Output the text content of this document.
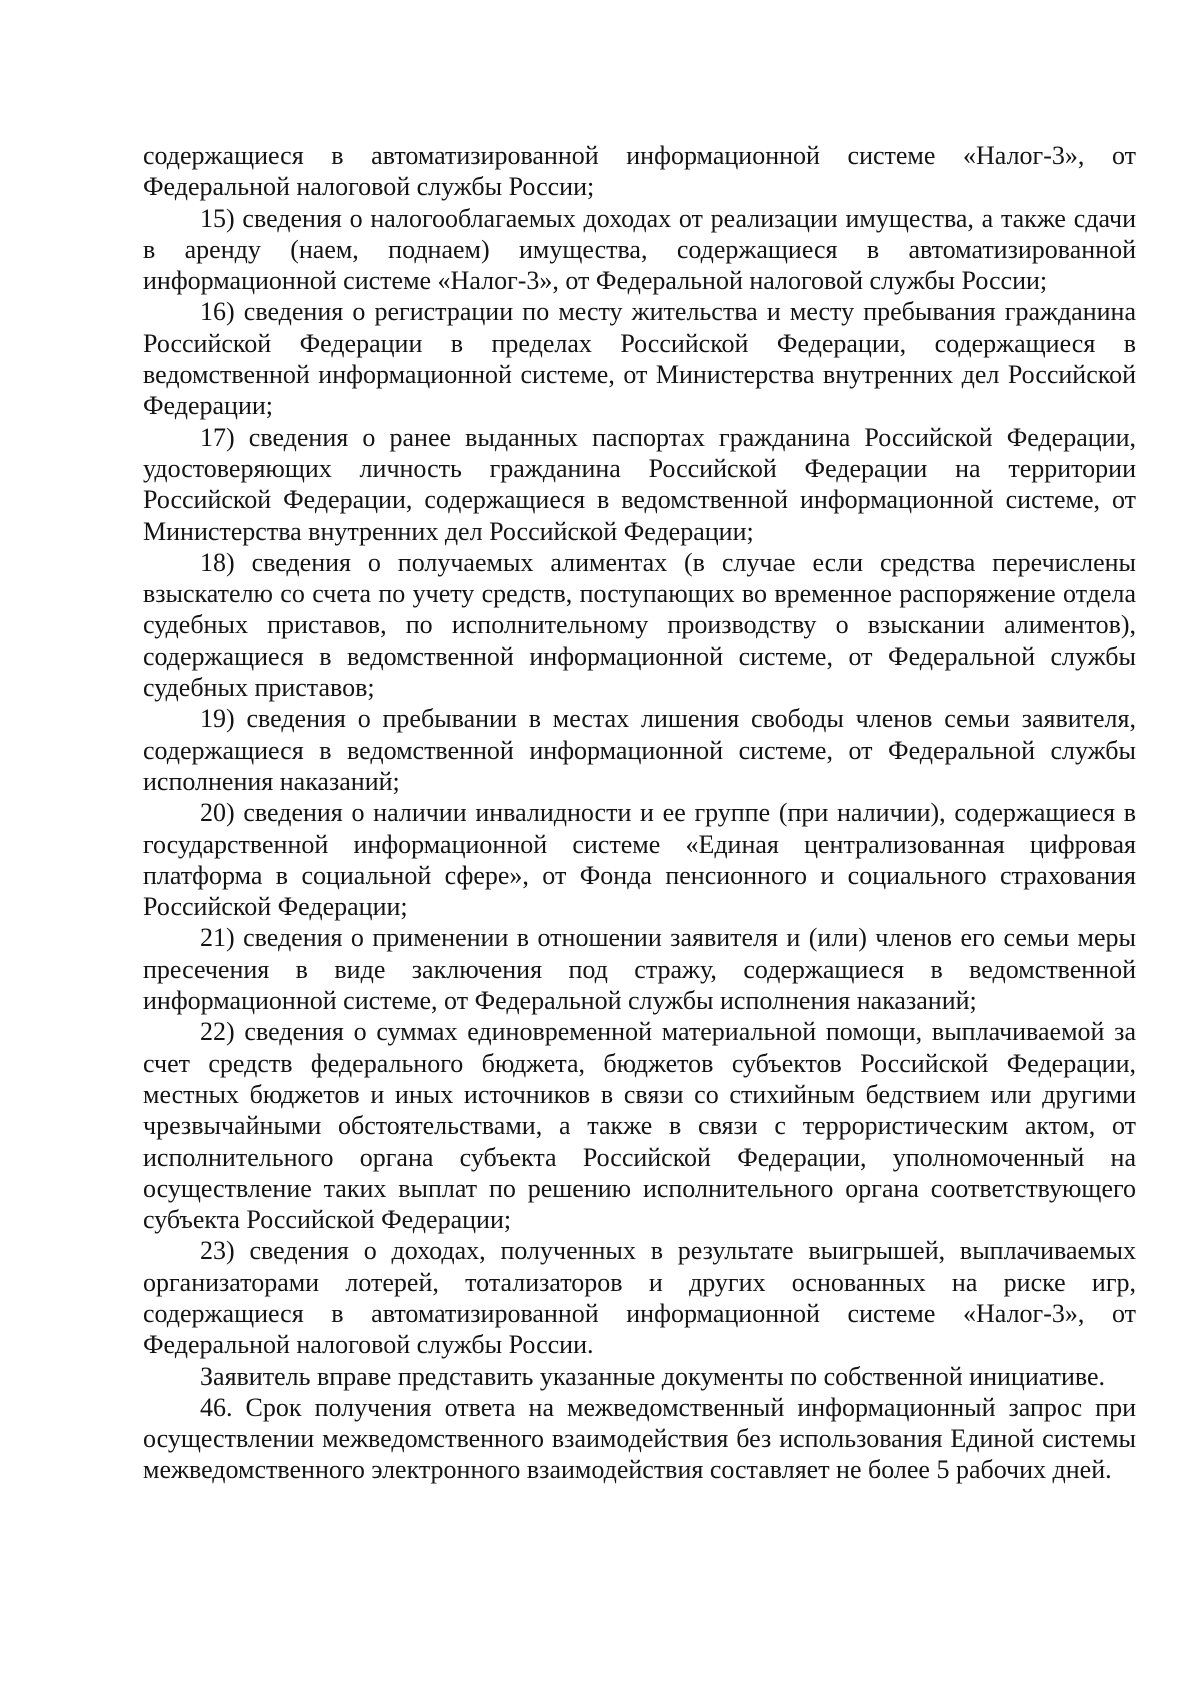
содержащиеся в автоматизированной информационной системе «Налог-3», от Федеральной налоговой службы России;

15) сведения о налогооблагаемых доходах от реализации имущества, а также сдачи в аренду (наем, поднаем) имущества, содержащиеся в автоматизированной информационной системе «Налог-3», от Федеральной налоговой службы России;

16) сведения о регистрации по месту жительства и месту пребывания гражданина Российской Федерации в пределах Российской Федерации, содержащиеся в ведомственной информационной системе, от Министерства внутренних дел Российской Федерации;

17) сведения о ранее выданных паспортах гражданина Российской Федерации, удостоверяющих личность гражданина Российской Федерации на территории Российской Федерации, содержащиеся в ведомственной информационной системе, от Министерства внутренних дел Российской Федерации;

18) сведения о получаемых алиментах (в случае если средства перечислены взыскателю со счета по учету средств, поступающих во временное распоряжение отдела судебных приставов, по исполнительному производству о взыскании алиментов), содержащиеся в ведомственной информационной системе, от Федеральной службы судебных приставов;

19) сведения о пребывании в местах лишения свободы членов семьи заявителя, содержащиеся в ведомственной информационной системе, от Федеральной службы исполнения наказаний;

20) сведения о наличии инвалидности и ее группе (при наличии), содержащиеся в государственной информационной системе «Единая централизованная цифровая платформа в социальной сфере», от Фонда пенсионного и социального страхования Российской Федерации;

21) сведения о применении в отношении заявителя и (или) членов его семьи меры пресечения в виде заключения под стражу, содержащиеся в ведомственной информационной системе, от Федеральной службы исполнения наказаний;

22) сведения о суммах единовременной материальной помощи, выплачиваемой за счет средств федерального бюджета, бюджетов субъектов Российской Федерации, местных бюджетов и иных источников в связи со стихийным бедствием или другими чрезвычайными обстоятельствами, а также в связи с террористическим актом, от исполнительного органа субъекта Российской Федерации, уполномоченный на осуществление таких выплат по решению исполнительного органа соответствующего субъекта Российской Федерации;

23) сведения о доходах, полученных в результате выигрышей, выплачиваемых организаторами лотерей, тотализаторов и других основанных на риске игр, содержащиеся в автоматизированной информационной системе «Налог-3», от Федеральной налоговой службы России.

Заявитель вправе представить указанные документы по собственной инициативе.

46. Срок получения ответа на межведомственный информационный запрос при осуществлении межведомственного взаимодействия без использования Единой системы межведомственного электронного взаимодействия составляет не более 5 рабочих дней.
